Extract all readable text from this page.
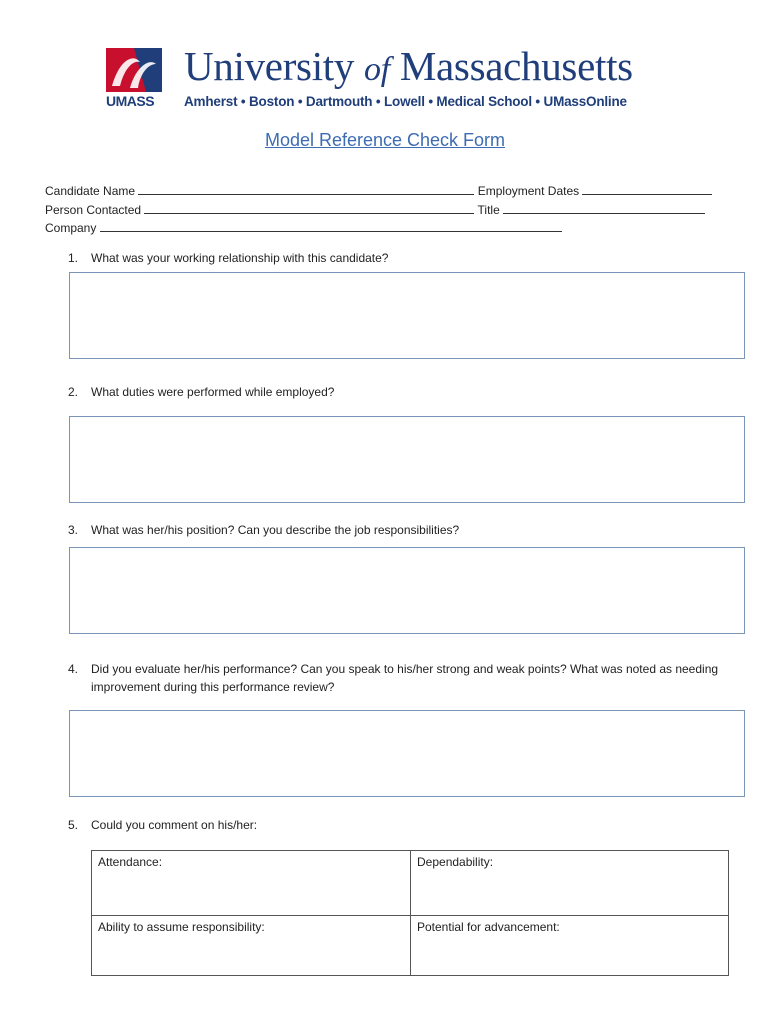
UMASS
University of Massachusetts
Amherst • Boston • Dartmouth • Lowell • Medical School • UMassOnline
Model Reference Check Form
Candidate Name	Employment Dates
Person Contacted	Title
Company
1. What was your working relationship with this candidate?
2. What duties were performed while employed?
3. What was her/his position? Can you describe the job responsibilities?
4. Did you evaluate her/his performance? Can you speak to his/her strong and weak points? What was noted as needing improvement during this performance review?
5. Could you comment on his/her:
Attendance:	Dependability:
Ability to assume responsibility:	Potential for advancement:
